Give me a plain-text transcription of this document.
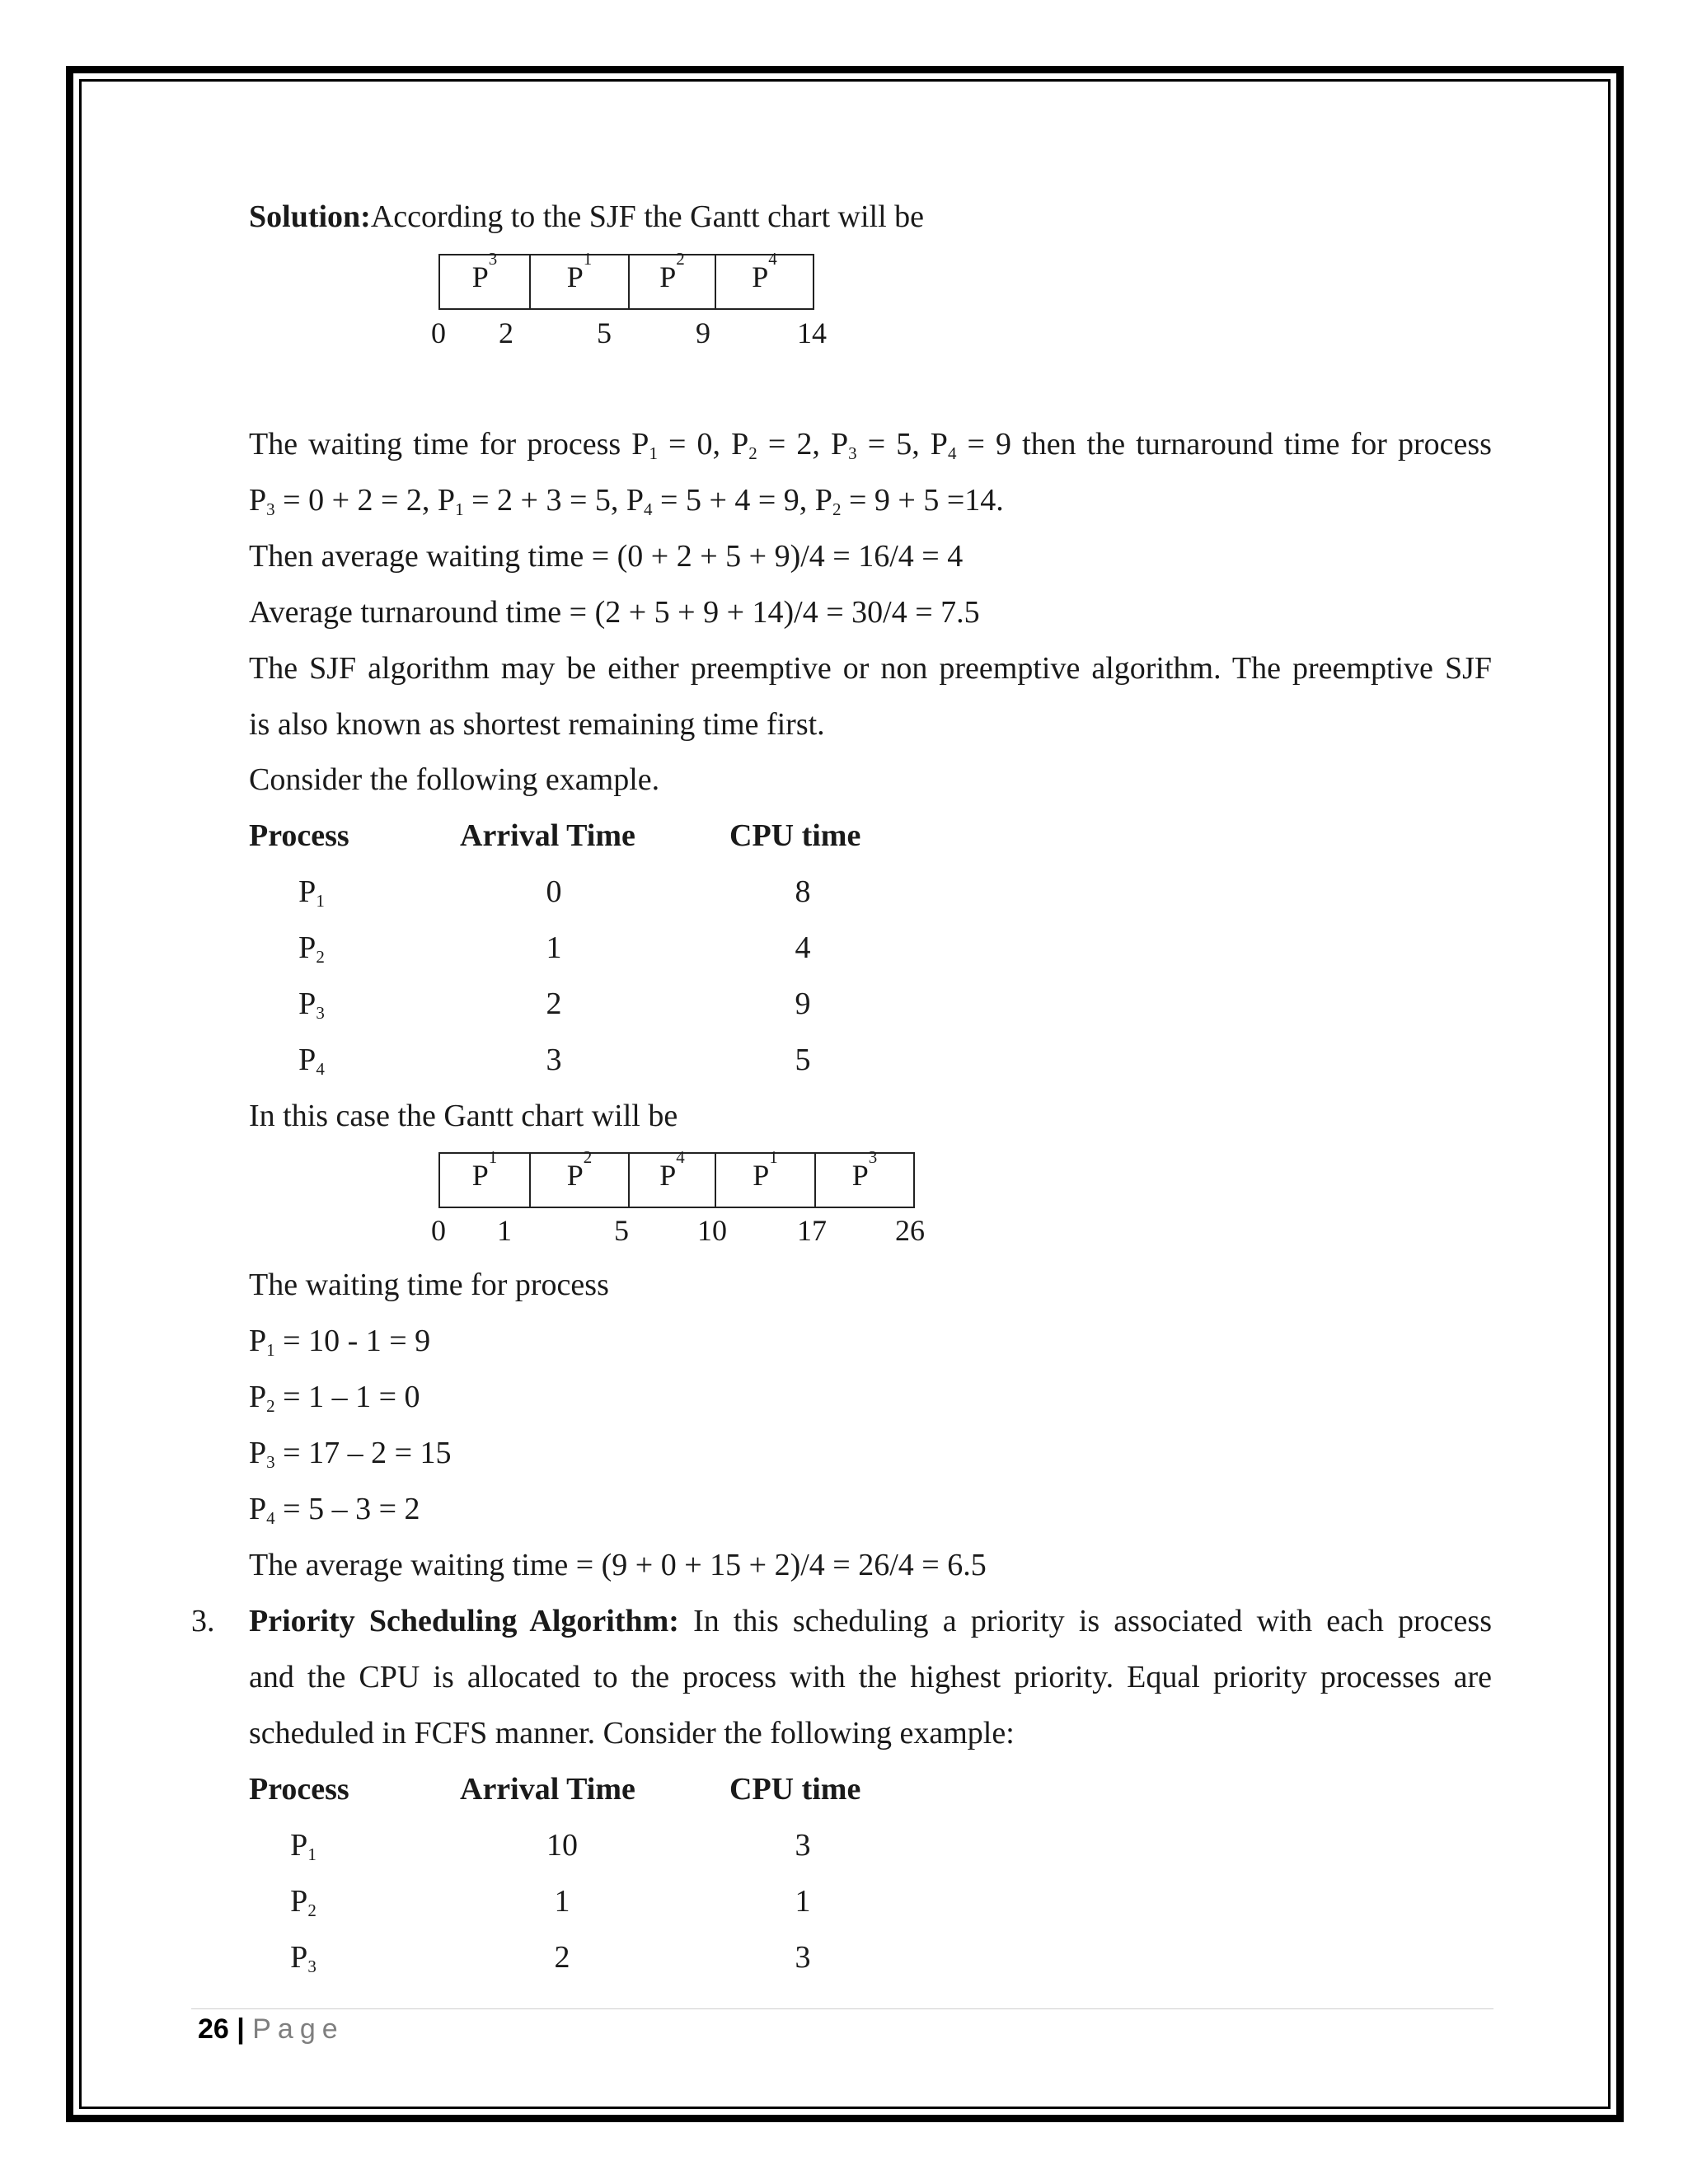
Solution:According to the SJF the Gantt chart will be
P
3
P
1
P
2
P
4
0 2	5	9	14
The waiting time for process $P_1 = 0$, $P_2 = 2$, $P_3 = 5$, $P_4 = 9$ then the turnaround time for process
$P_3 = 0 + 2 = 2$, $P_1 = 2 + 3 = 5$, $P_4 = 5 + 4 = 9$, $P_2 = 9 + 5 =14$.
Then average waiting time = (0 + 2 + 5 + 9)/4 = 16/4 = 4
Average turnaround time = (2 + 5 + 9 + 14)/4 = 30/4 = 7.5
The SJF algorithm may be either preemptive or non preemptive algorithm. The preemptive SJF
is also known as shortest remaining time first.
Consider the following example.
Process	Arrival Time	CPU time
$P_1$	0	8
$P_2$	1	4
$P_3$	2	9
$P_4$	3	5
In this case the Gantt chart will be
P
1
P
2
P
4
P
1
P
3
0 1	5 10 17 26
The waiting time for process
$P_1 = 10 - 1 = 9$
$P_2 = 1 - 1 = 0$
$P_3 = 17 - 2 = 15$
$P_4 = 5 - 3 = 2$
The average waiting time = (9 + 0 + 15 + 2)/4 = 26/4 = 6.5
3. Priority Scheduling Algorithm: In this scheduling a priority is associated with each process
and the CPU is allocated to the process with the highest priority. Equal priority processes are
scheduled in FCFS manner. Consider the following example:
Process	Arrival Time	CPU time
$P_1$	10	3
$P_2$	1	1
$P_3$	2	3
26 | Page
